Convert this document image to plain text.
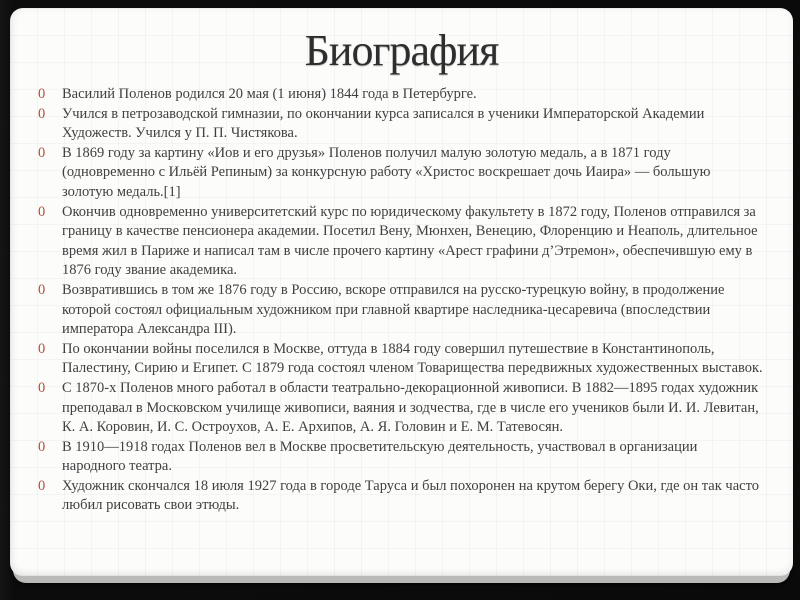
Биография
0	Василий Поленов родился 20 мая (1 июня) 1844 года в Петербурге.
0	Учился в петрозаводской гимназии, по окончании курса записался в ученики Императорской Академии Художеств. Учился у П. П. Чистякова.
0	В 1869 году за картину «Иов и его друзья» Поленов получил малую золотую медаль, а в 1871 году (одновременно с Ильёй Репиным) за конкурсную работу «Христос воскрешает дочь Иаира» — большую золотую медаль.[1]
0	Окончив одновременно университетский курс по юридическому факультету в 1872 году, Поленов отправился за границу в качестве пенсионера академии. Посетил Вену, Мюнхен, Венецию, Флоренцию и Неаполь, длительное время жил в Париже и написал там в числе прочего картину «Арест графини д’Этремон», обеспечившую ему в 1876 году звание академика.
0	Возвратившись в том же 1876 году в Россию, вскоре отправился на русско-турецкую войну, в продолжение которой состоял официальным художником при главной квартире наследника-цесаревича (впоследствии императора Александра III).
0	По окончании войны поселился в Москве, оттуда в 1884 году совершил путешествие в Константинополь, Палестину, Сирию и Египет. С 1879 года состоял членом Товарищества передвижных художественных выставок.
0	С 1870-х Поленов много работал в области театрально-декорационной живописи. В 1882—1895 годах художник преподавал в Московском училище живописи, ваяния и зодчества, где в числе его учеников были И. И. Левитан, К. А. Коровин, И. С. Остроухов, А. Е. Архипов, А. Я. Головин и Е. М. Татевосян.
0	В 1910—1918 годах Поленов вел в Москве просветительскую деятельность, участвовал в организации народного театра.
0	Художник скончался 18 июля 1927 года в городе Таруса и был похоронен на крутом берегу Оки, где он так часто любил рисовать свои этюды.
